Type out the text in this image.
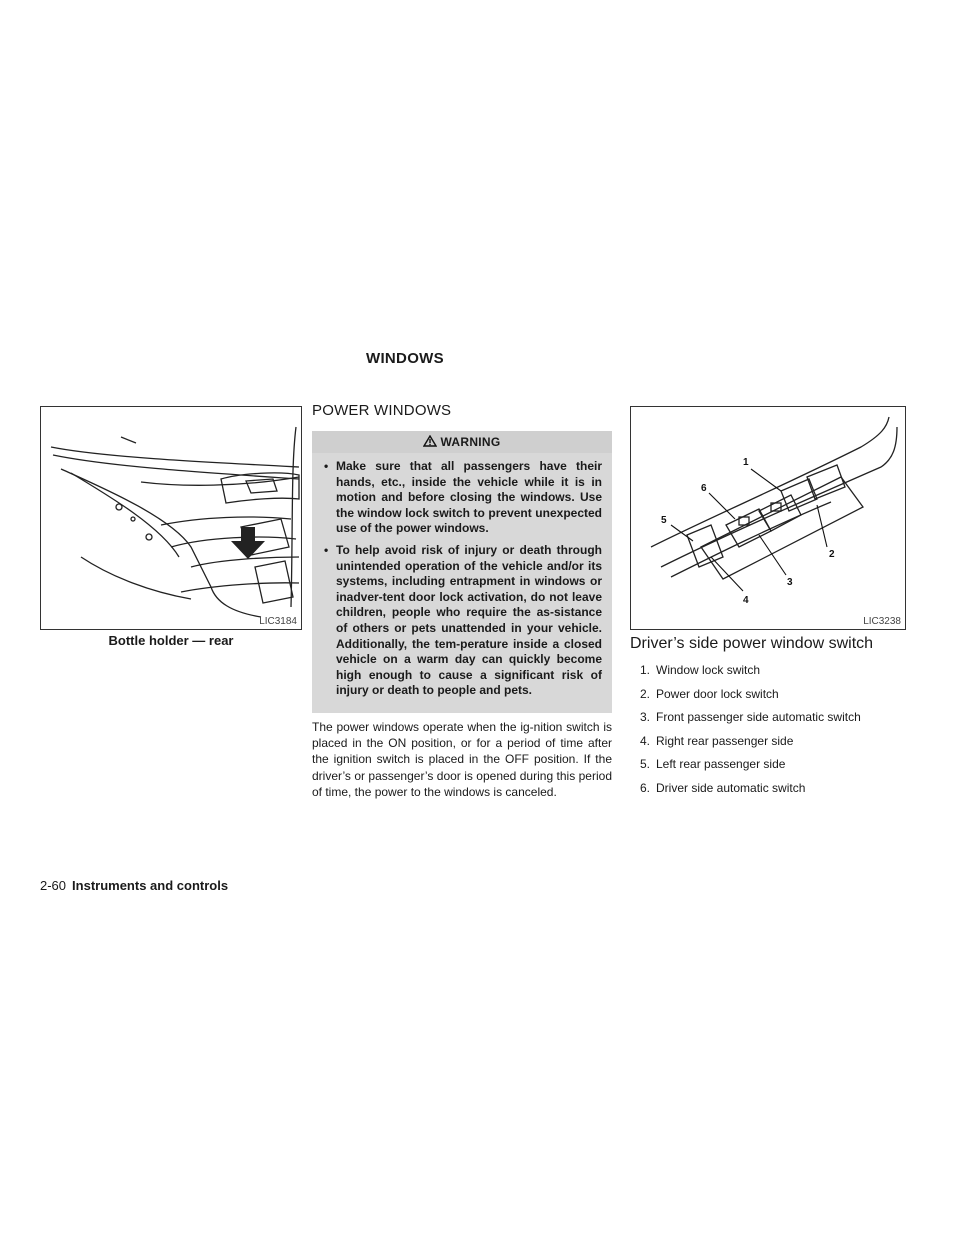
WINDOWS
LIC3184
Bottle holder — rear
POWER WINDOWS
WARNING
• Make sure that all passengers have their hands, etc., inside the vehicle while it is in motion and before closing the windows. Use the window lock switch to prevent unexpected use of the power windows.
• To help avoid risk of injury or death through unintended operation of the vehicle and/or its systems, including entrapment in windows or inadver-tent door lock activation, do not leave children, people who require the as-sistance of others or pets unattended in your vehicle. Additionally, the tem-perature inside a closed vehicle on a warm day can quickly become high enough to cause a significant risk of injury or death to people and pets.
The power windows operate when the ig-nition switch is placed in the ON position, or for a period of time after the ignition switch is placed in the OFF position. If the driver’s or passenger’s door is opened during this period of time, the power to the windows is canceled.
1
2
3
4
5
6
LIC3238
Driver’s side power window switch
1. Window lock switch
2. Power door lock switch
3. Front passenger side automatic switch
4. Right rear passenger side
5. Left rear passenger side
6. Driver side automatic switch
2-60 Instruments and controls
